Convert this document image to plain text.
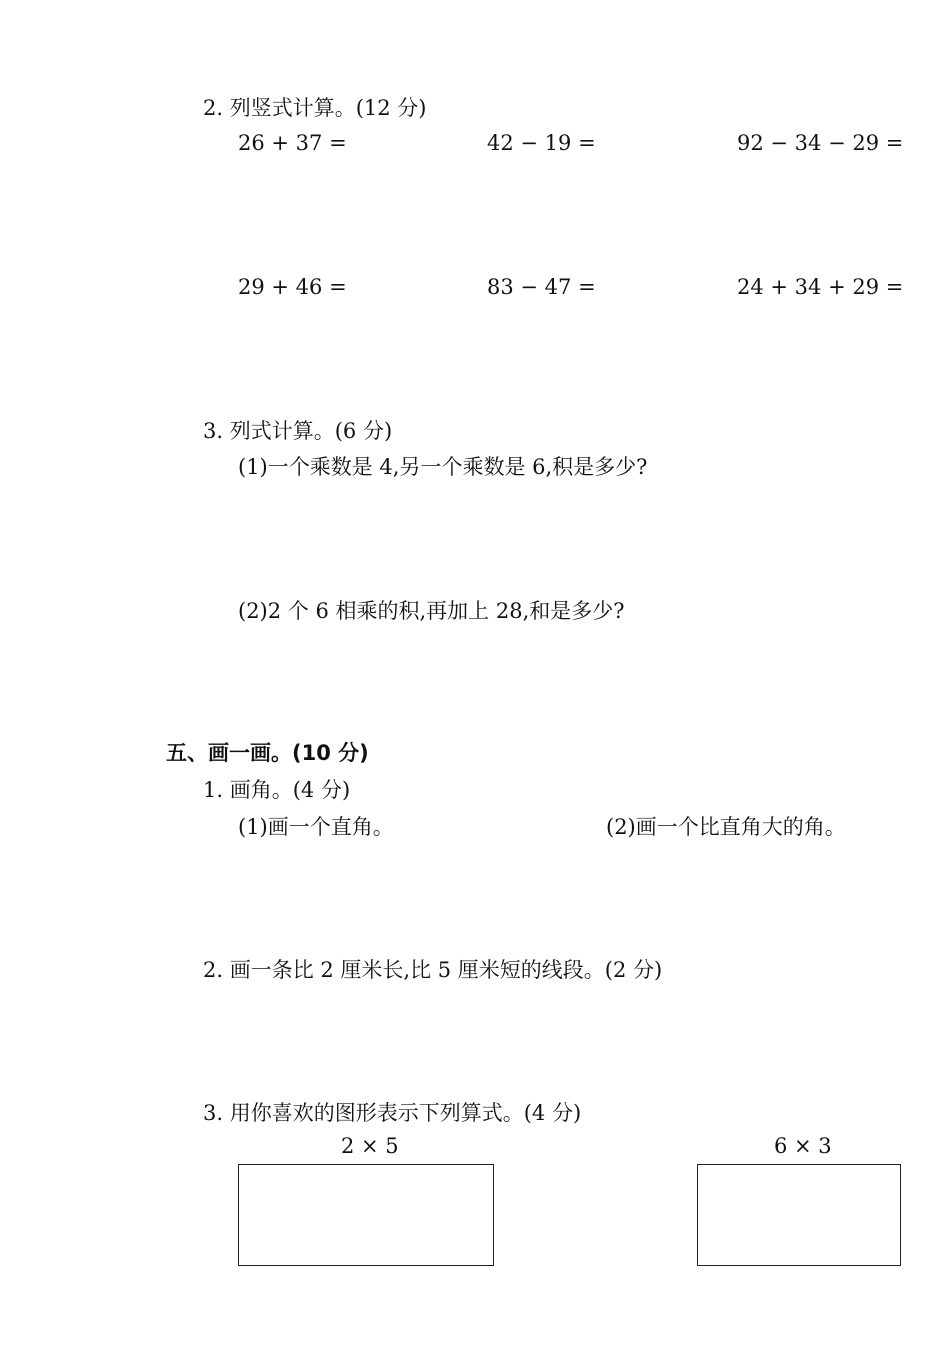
2. 列竖式计算。(12 分)
26 + 37 =	42 − 19 =	92 − 34 − 29 =
29 + 46 =	83 − 47 =	24 + 34 + 29 =
3. 列式计算。(6 分)
(1)一个乘数是 4,另一个乘数是 6,积是多少?
(2)2 个 6 相乘的积,再加上 28,和是多少?
五、画一画。(10 分)
1. 画角。(4 分)
(1)画一个直角。	(2)画一个比直角大的角。
2. 画一条比 2 厘米长,比 5 厘米短的线段。(2 分)
3. 用你喜欢的图形表示下列算式。(4 分)
2 × 5	6 × 3
